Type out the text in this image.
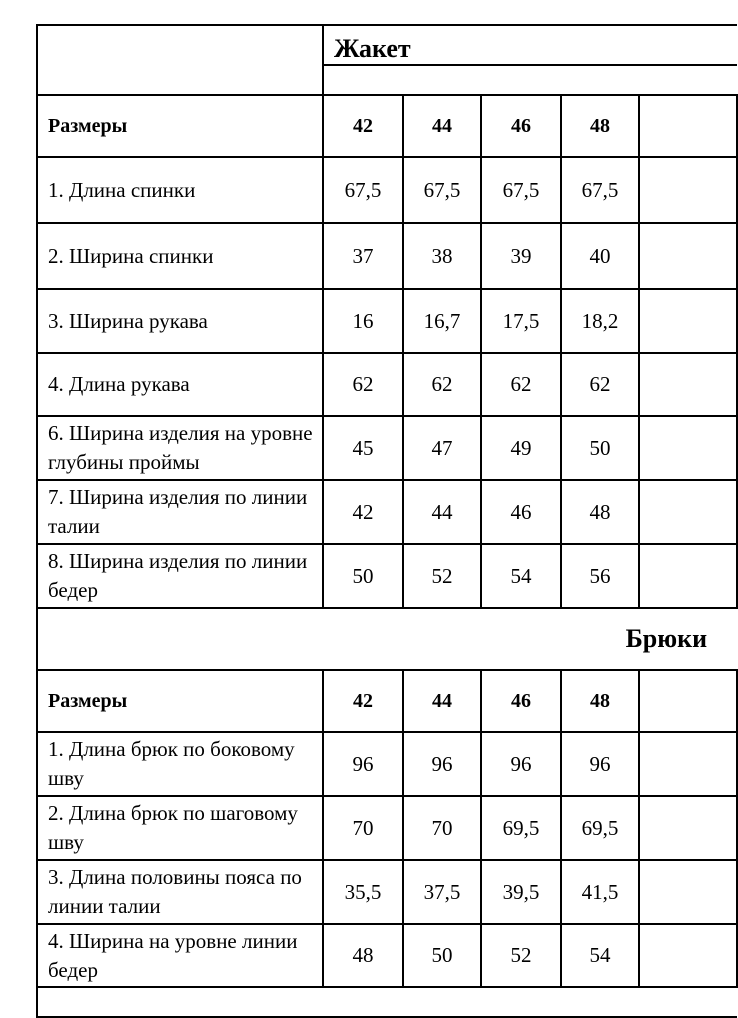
	Жакет				

Размеры	42	44	46	48	
1. Длина спинки	67,5	67,5	67,5	67,5	
2. Ширина спинки	37	38	39	40	
3. Ширина рукава	16	16,7	17,5	18,2	
4. Длина рукава	62	62	62	62	
6. Ширина изделия на уровне глубины проймы	45	47	49	50	
7. Ширина изделия по линии талии	42	44	46	48	
8. Ширина изделия по линии бедер	50	52	54	56	
Брюки					
Размеры	42	44	46	48	
1. Длина брюк по боковому шву	96	96	96	96	
2. Длина брюк по шаговому шву	70	70	69,5	69,5	
3. Длина половины пояса по линии талии	35,5	37,5	39,5	41,5	
4. Ширина на уровне линии бедер	48	50	52	54	
